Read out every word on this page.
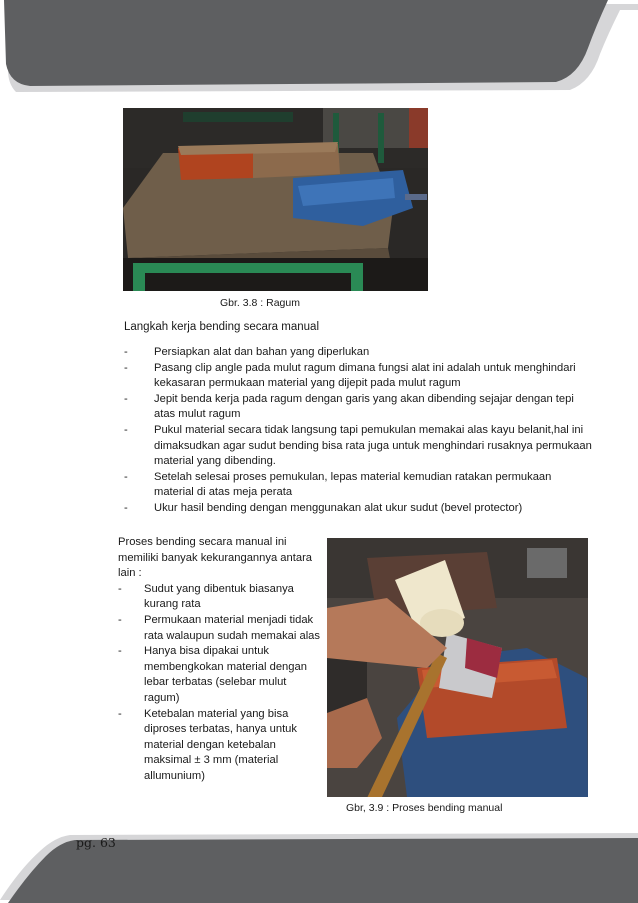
Gbr. 3.8 : Ragum
Langkah kerja bending secara manual
- Persiapkan alat dan bahan yang diperlukan
- Pasang clip angle pada mulut ragum dimana fungsi alat ini adalah untuk menghindari kekasaran permukaan material yang dijepit pada mulut ragum
- Jepit benda kerja pada ragum dengan garis yang akan dibending sejajar dengan tepi atas mulut ragum
- Pukul material secara tidak langsung tapi pemukulan memakai alas kayu belanit,hal ini dimaksudkan agar sudut bending bisa rata juga untuk menghindari rusaknya permukaan material yang dibending.
- Setelah selesai proses pemukulan, lepas material kemudian ratakan permukaan material di atas meja perata
- Ukur hasil bending dengan menggunakan alat ukur sudut (bevel protector)

Proses bending secara manual ini memiliki banyak kekurangannya antara lain :

- Sudut yang dibentuk biasanya kurang rata
- Permukaan material menjadi tidak rata walaupun sudah memakai alas
- Hanya bisa dipakai untuk membengkokan material dengan lebar terbatas (selebar mulut ragum)
- Ketebalan material yang bisa diproses terbatas, hanya untuk material dengan ketebalan maksimal ± 3 mm (material allumunium)
Gbr, 3.9 : Proses bending manual
pg. 63
